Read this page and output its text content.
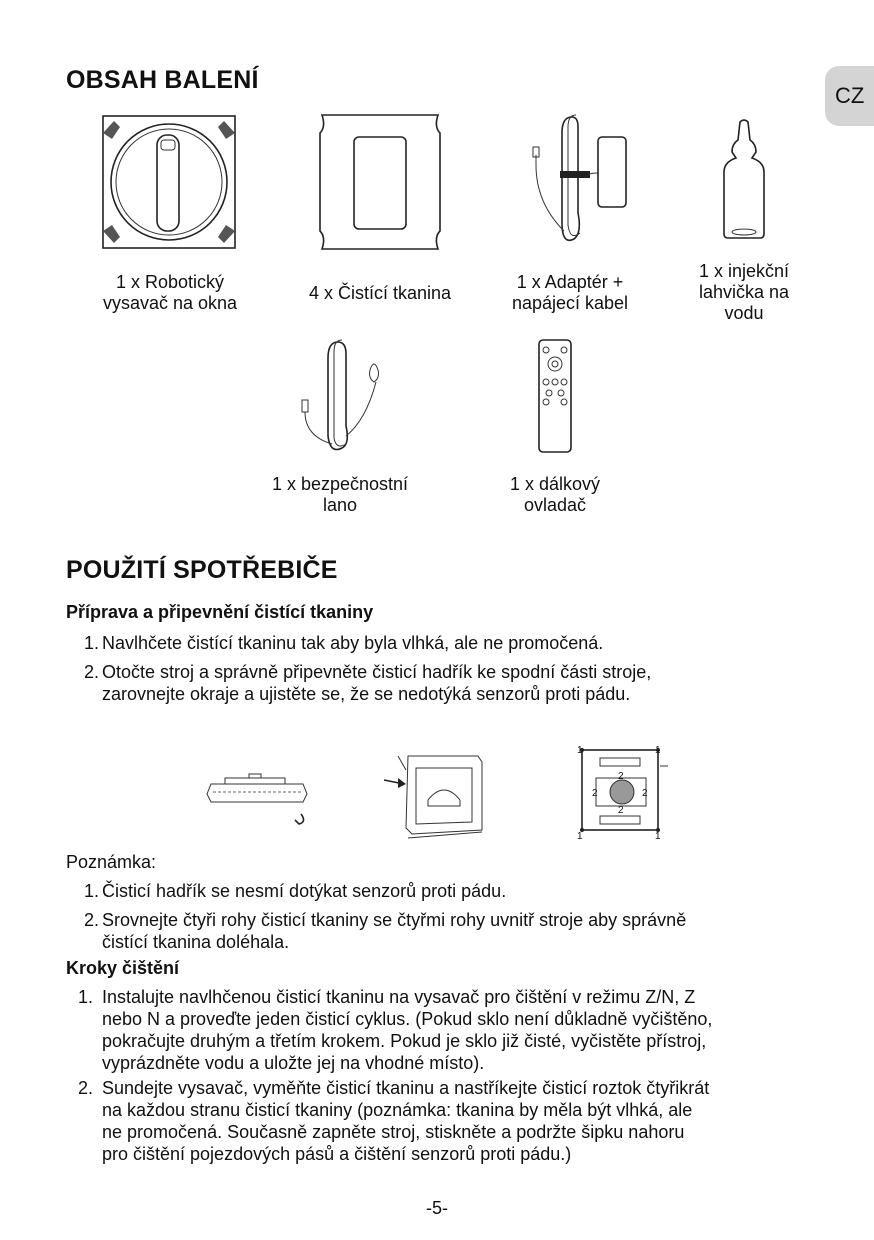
CZ
OBSAH BALENÍ
1 x Robotický
vysavač na okna	4 x Čistící tkanina
1 x Adaptér +
napájecí kabel
1 x injekční
lahvička na
vodu
1 x bezpečnostní
lano
1 x dálkový
ovladač
POUŽITÍ SPOTŘEBIČE
Příprava a připevnění čistící tkaniny
1. Navlhčete čistící tkaninu tak aby byla vlhká, ale ne promočená.
2. Otočte stroj a správně připevněte čisticí hadřík ke spodní části stroje,
zarovnejte okraje a ujistěte se, že se nedotýká senzorů proti pádu.
1	1
1	1
2
2	2
2
Poznámka:
1. Čisticí hadřík se nesmí dotýkat senzorů proti pádu.
2. Srovnejte čtyři rohy čisticí tkaniny se čtyřmi rohy uvnitř stroje aby správně
čistící tkanina doléhala.
Kroky čištění
1. Instalujte navlhčenou čisticí tkaninu na vysavač pro čištění v režimu Z/N, Z
nebo N a proveďte jeden čisticí cyklus. (Pokud sklo není důkladně vyčištěno,
pokračujte druhým a třetím krokem. Pokud je sklo již čisté, vyčistěte přístroj,
vyprázdněte vodu a uložte jej na vhodné místo).
2. Sundejte vysavač, vyměňte čisticí tkaninu a nastříkejte čisticí roztok čtyřikrát
na každou stranu čisticí tkaniny (poznámka: tkanina by měla být vlhká, ale
ne promočená. Současně zapněte stroj, stiskněte a podržte šipku nahoru
pro čištění pojezdových pásů a čištění senzorů proti pádu.)
-5-
